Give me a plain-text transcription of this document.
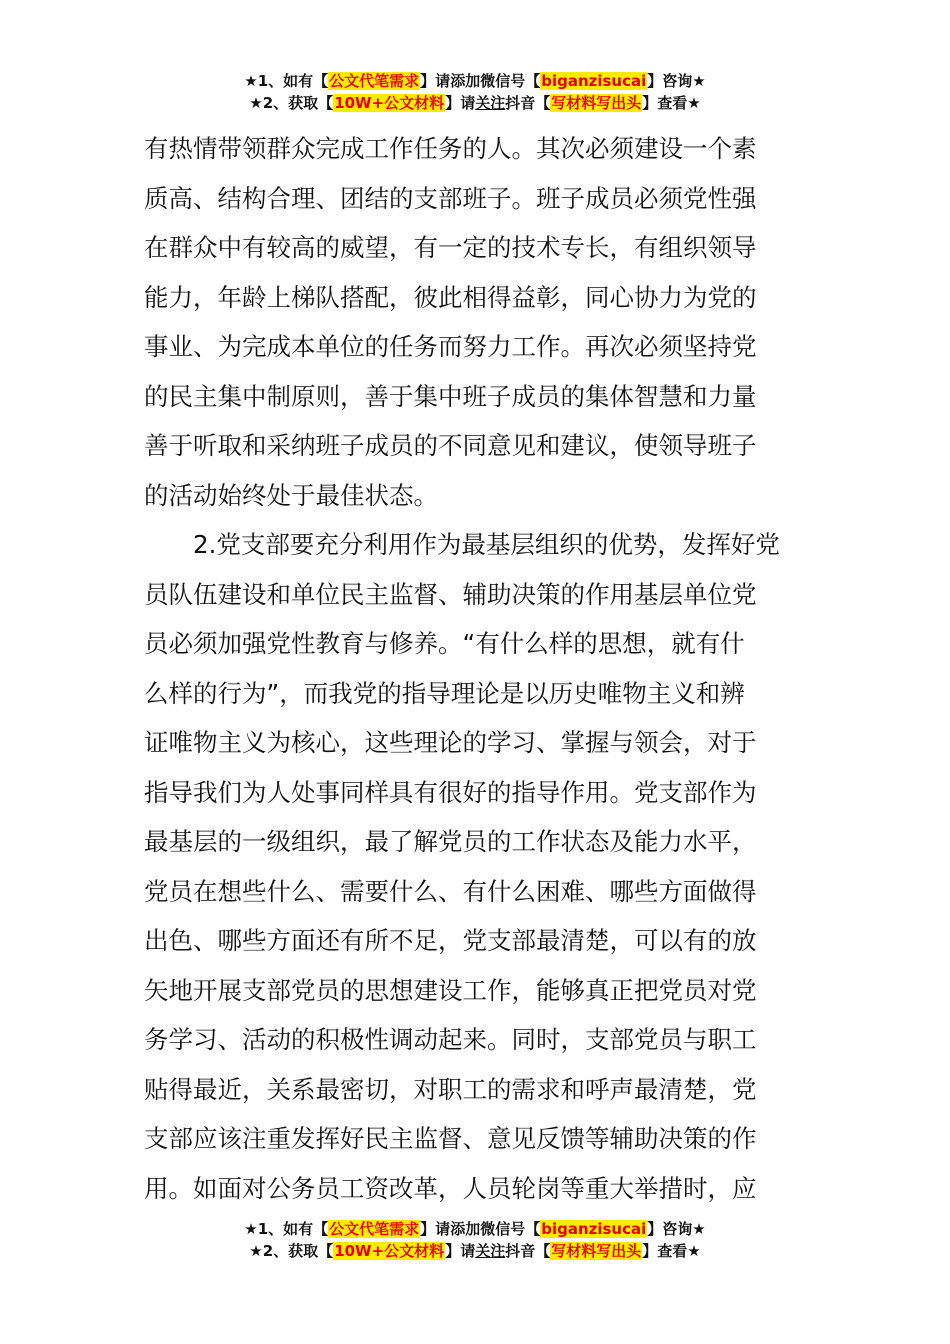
★1、如有【公文代笔需求】请添加微信号【biganzisucai】咨询★
★2、获取【10W+公文材料】请关注抖音【写材料写出头】查看★
有热情带领群众完成工作任务的人。其次必须建设一个素
质高、结构合理、团结的支部班子。班子成员必须党性强
在群众中有较高的威望，有一定的技术专长，有组织领导
能力，年龄上梯队搭配，彼此相得益彰，同心协力为党的
事业、为完成本单位的任务而努力工作。再次必须坚持党
的民主集中制原则，善于集中班子成员的集体智慧和力量
善于听取和采纳班子成员的不同意见和建议，使领导班子
的活动始终处于最佳状态。
2.党支部要充分利用作为最基层组织的优势，发挥好党
员队伍建设和单位民主监督、辅助决策的作用基层单位党
员必须加强党性教育与修养。“有什么样的思想，就有什
么样的行为”，而我党的指导理论是以历史唯物主义和辨
证唯物主义为核心，这些理论的学习、掌握与领会，对于
指导我们为人处事同样具有很好的指导作用。党支部作为
最基层的一级组织，最了解党员的工作状态及能力水平，
党员在想些什么、需要什么、有什么困难、哪些方面做得
出色、哪些方面还有所不足，党支部最清楚，可以有的放
矢地开展支部党员的思想建设工作，能够真正把党员对党
务学习、活动的积极性调动起来。同时，支部党员与职工
贴得最近，关系最密切，对职工的需求和呼声最清楚，党
支部应该注重发挥好民主监督、意见反馈等辅助决策的作
用。如面对公务员工资改革，人员轮岗等重大举措时，应
★1、如有【公文代笔需求】请添加微信号【biganzisucai】咨询★
★2、获取【10W+公文材料】请关注抖音【写材料写出头】查看★
